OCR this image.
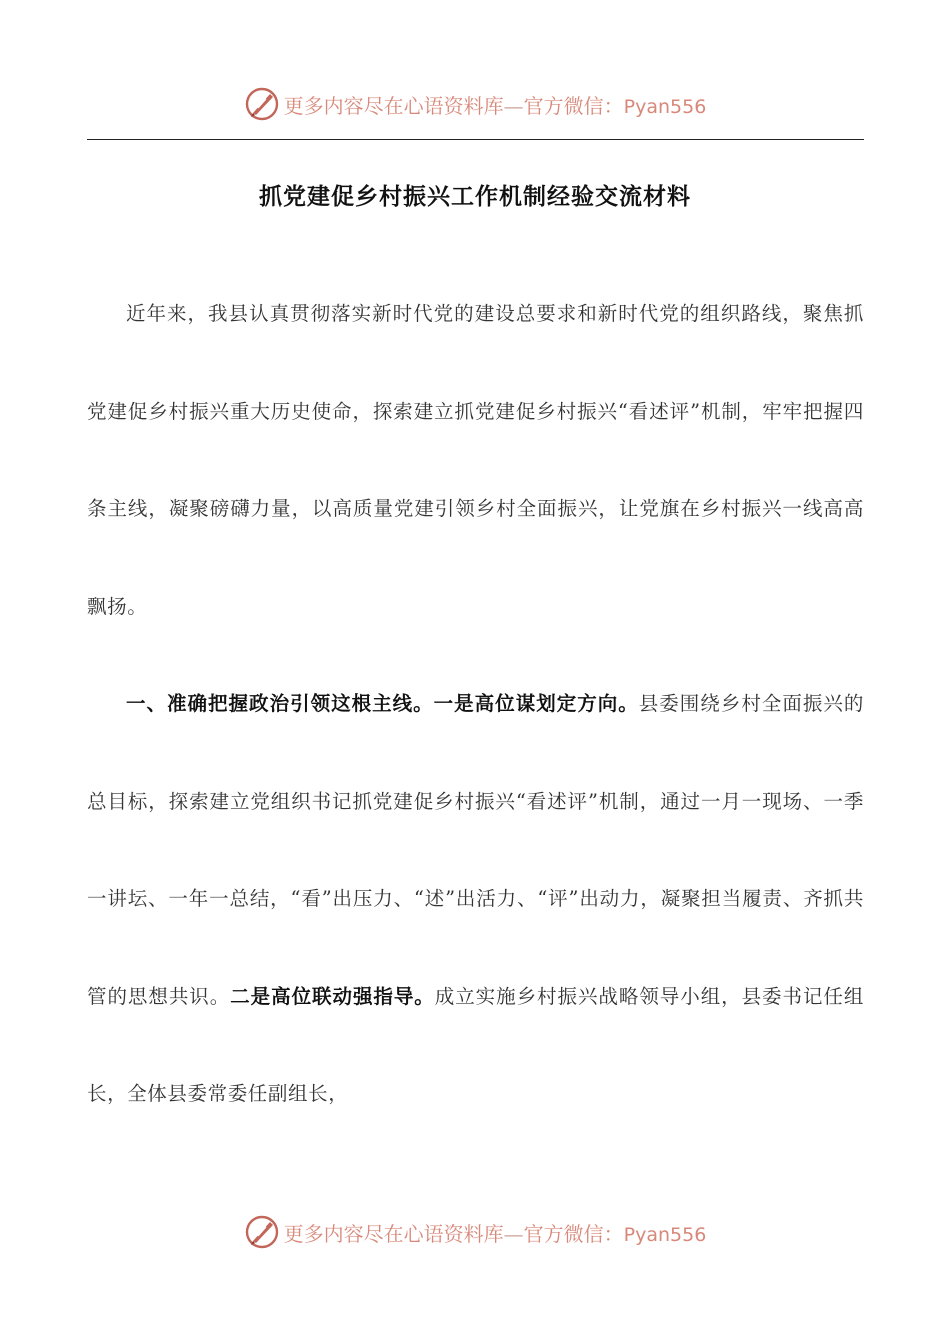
更多内容尽在心语资料库—官方微信：Pyan556
抓党建促乡村振兴工作机制经验交流材料

近年来，我县认真贯彻落实新时代党的建设总要求和新时代党的组织路线，聚焦抓党建促乡村振兴重大历史使命，探索建立抓党建促乡村振兴“看述评”机制，牢牢把握四条主线，凝聚磅礴力量，以高质量党建引领乡村全面振兴，让党旗在乡村振兴一线高高飘扬。

一、准确把握政治引领这根主线。一是高位谋划定方向。县委围绕乡村全面振兴的总目标，探索建立党组织书记抓党建促乡村振兴“看述评”机制，通过一月一现场、一季一讲坛、一年一总结，“看”出压力、“述”出活力、“评”出动力，凝聚担当履责、齐抓共管的思想共识。二是高位联动强指导。成立实施乡村振兴战略领导小组，县委书记任组长，全体县委常委任副组长，

更多内容尽在心语资料库—官方微信：Pyan556
